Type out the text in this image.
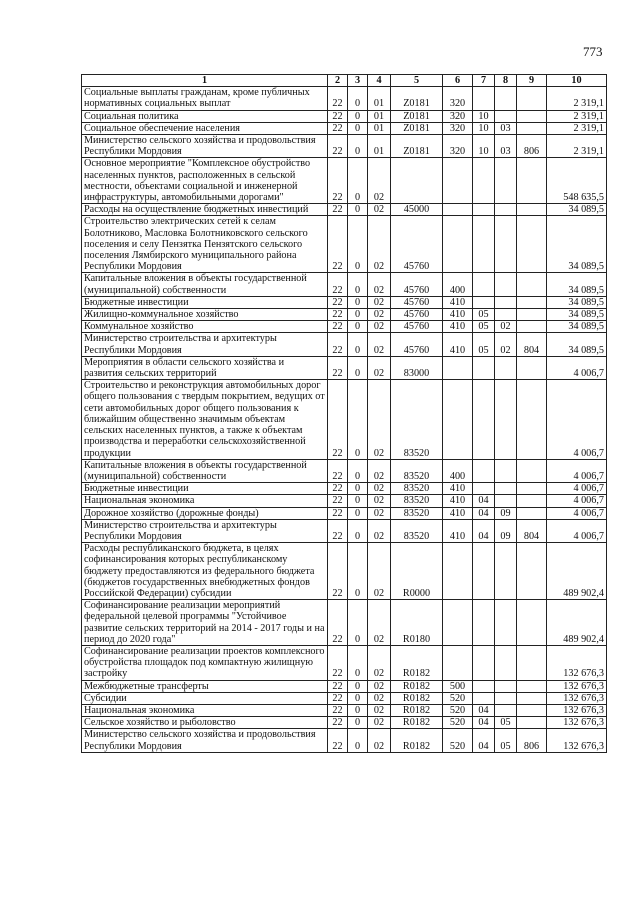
773
1	2	3	4	5	6	7	8	9	10
Социальные выплаты гражданам, кроме публичных нормативных социальных выплат	22	0	01	Z0181	320				2 319,1
Социальная политика	22	0	01	Z0181	320	10			2 319,1
Социальное обеспечение населения	22	0	01	Z0181	320	10	03		2 319,1
Министерство сельского хозяйства и продовольствия Республики Мордовия	22	0	01	Z0181	320	10	03	806	2 319,1
Основное мероприятие "Комплексное обустройство населенных пунктов, расположенных в сельской местности, объектами социальной и инженерной инфраструктуры, автомобильными дорогами"	22	0	02						548 635,5
Расходы на осуществление бюджетных инвестиций	22	0	02	45000					34 089,5
Строительство электрических сетей к селам Болотниково, Масловка Болотниковского сельского поселения и селу Пензятка Пензятского сельского поселения Лямбирского муниципального района Республики Мордовия	22	0	02	45760					34 089,5
Капитальные вложения в объекты государственной (муниципальной) собственности	22	0	02	45760	400				34 089,5
Бюджетные инвестиции	22	0	02	45760	410				34 089,5
Жилищно-коммунальное хозяйство	22	0	02	45760	410	05			34 089,5
Коммунальное хозяйство	22	0	02	45760	410	05	02		34 089,5
Министерство строительства и архитектуры Республики Мордовия	22	0	02	45760	410	05	02	804	34 089,5
Мероприятия в области сельского хозяйства и развития сельских территорий	22	0	02	83000					4 006,7
Строительство и реконструкция автомобильных дорог общего пользования с твердым покрытием, ведущих от сети автомобильных дорог общего пользования к ближайшим общественно значимым объектам сельских населенных пунктов, а также к объектам производства и переработки сельскохозяйственной продукции	22	0	02	83520					4 006,7
Капитальные вложения в объекты государственной (муниципальной) собственности	22	0	02	83520	400				4 006,7
Бюджетные инвестиции	22	0	02	83520	410				4 006,7
Национальная экономика	22	0	02	83520	410	04			4 006,7
Дорожное хозяйство (дорожные фонды)	22	0	02	83520	410	04	09		4 006,7
Министерство строительства и архитектуры Республики Мордовия	22	0	02	83520	410	04	09	804	4 006,7
Расходы республиканского бюджета, в целях софинансирования которых республиканскому бюджету предоставляются из федерального бюджета (бюджетов государственных внебюджетных фондов Российской Федерации) субсидии	22	0	02	R0000					489 902,4
Софинансирование реализации мероприятий федеральной целевой программы "Устойчивое развитие сельских территорий на 2014 - 2017 годы и на период до 2020 года"	22	0	02	R0180					489 902,4
Софинансирование реализации проектов комплексного обустройства площадок под компактную жилищную застройку	22	0	02	R0182					132 676,3
Межбюджетные трансферты	22	0	02	R0182	500				132 676,3
Субсидии	22	0	02	R0182	520				132 676,3
Национальная экономика	22	0	02	R0182	520	04			132 676,3
Сельское хозяйство и рыболовство	22	0	02	R0182	520	04	05		132 676,3
Министерство сельского хозяйства и продовольствия Республики Мордовия	22	0	02	R0182	520	04	05	806	132 676,3
